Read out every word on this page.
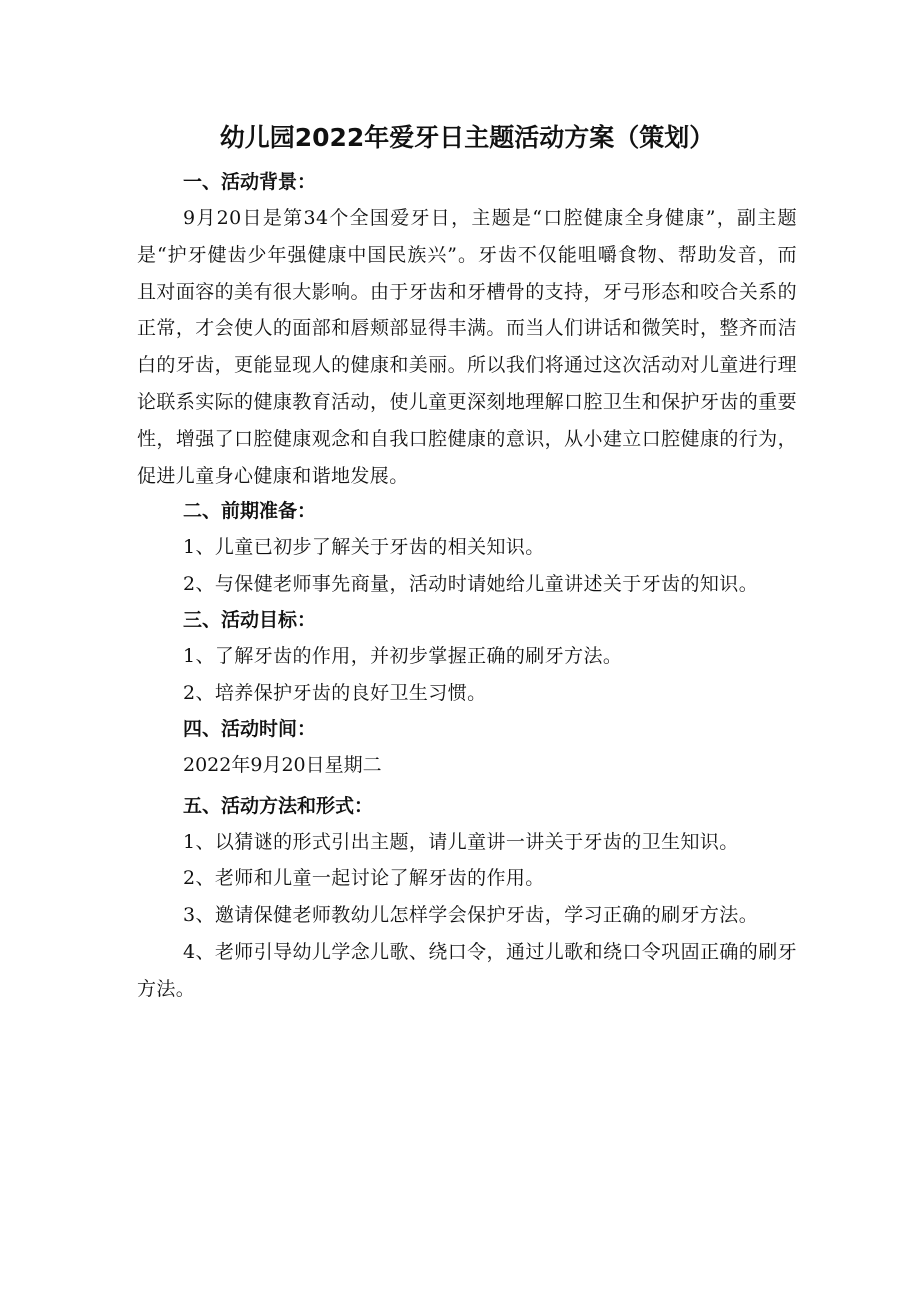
幼儿园2022年爱牙日主题活动方案（策划）
一、活动背景：

9月20日是第34个全国爱牙日，主题是“口腔健康全身健康”，副主题是“护牙健齿少年强健康中国民族兴”。牙齿不仅能咀嚼食物、帮助发音，而且对面容的美有很大影响。由于牙齿和牙槽骨的支持，牙弓形态和咬合关系的正常，才会使人的面部和唇颊部显得丰满。而当人们讲话和微笑时，整齐而洁白的牙齿，更能显现人的健康和美丽。所以我们将通过这次活动对儿童进行理论联系实际的健康教育活动，使儿童更深刻地理解口腔卫生和保护牙齿的重要性，增强了口腔健康观念和自我口腔健康的意识，从小建立口腔健康的行为，促进儿童身心健康和谐地发展。

二、前期准备：

1、儿童已初步了解关于牙齿的相关知识。

2、与保健老师事先商量，活动时请她给儿童讲述关于牙齿的知识。

三、活动目标：

1、了解牙齿的作用，并初步掌握正确的刷牙方法。

2、培养保护牙齿的良好卫生习惯。

四、活动时间：

2022年9月20日星期二

五、活动方法和形式：

1、以猜谜的形式引出主题，请儿童讲一讲关于牙齿的卫生知识。

2、老师和儿童一起讨论了解牙齿的作用。

3、邀请保健老师教幼儿怎样学会保护牙齿，学习正确的刷牙方法。

4、老师引导幼儿学念儿歌、绕口令，通过儿歌和绕口令巩固正确的刷牙方法。
